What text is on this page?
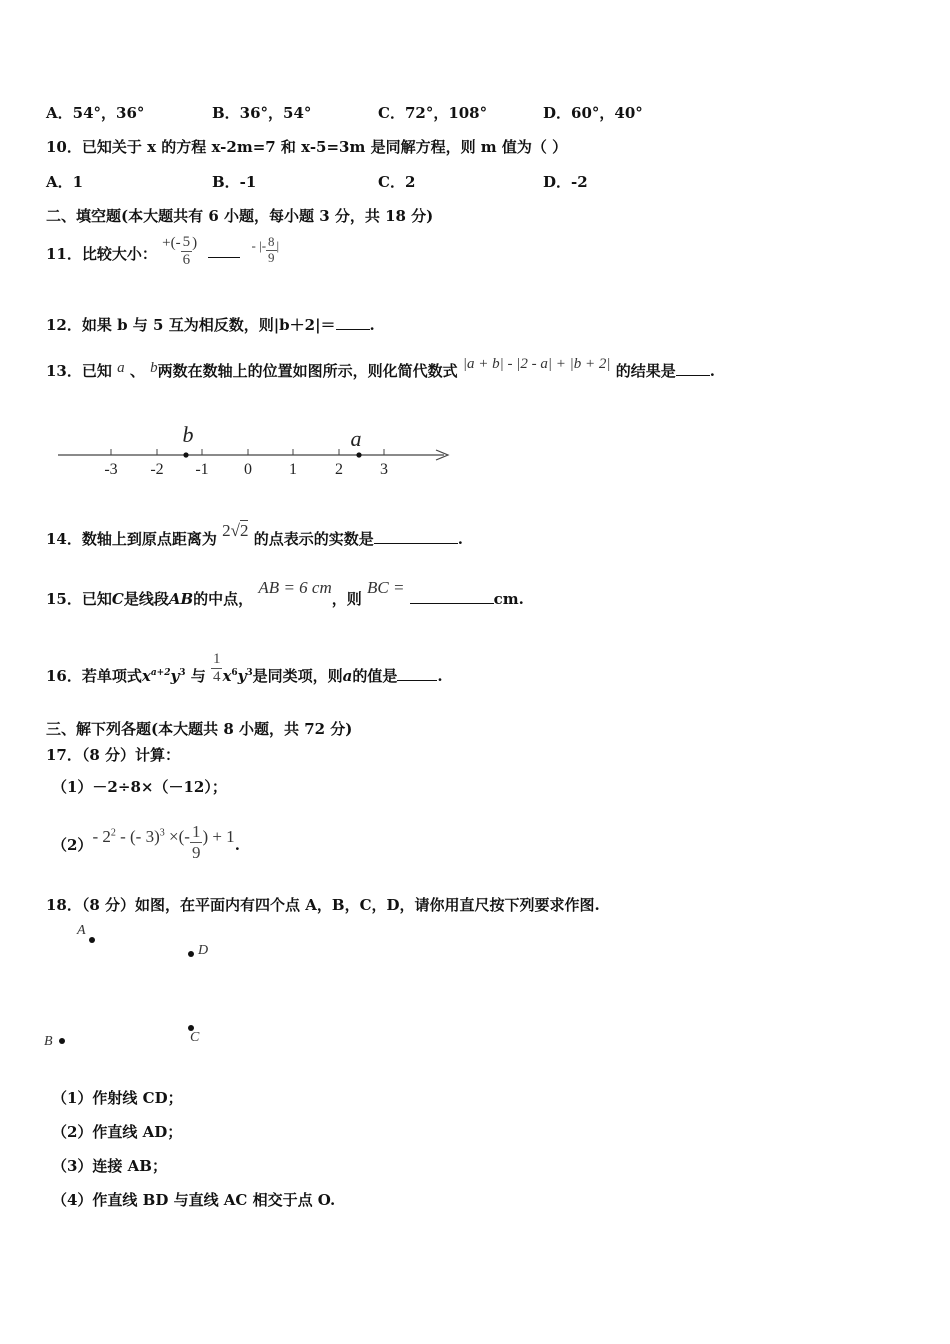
A．54°，36°	B．36°，54°	C．72°，108°	D．60°，40°
10．已知关于 x 的方程 x-2m=7 和 x-5=3m 是同解方程，则 m 值为（ ）
A．1	B．-1	C．2	D．-2
二、填空题(本大题共有 6 小题，每小题 3 分，共 18 分)
11．比较大小： +(- $\frac{5}{6}$ )	- |- $\frac{8}{9}$ |
12．如果 b 与 5 互为相反数，则|b＋2|＝ .
13．已知 a 、 b两数在数轴上的位置如图所示，则化简代数式 |a + b| - |2 - a| + |b + 2| 的结果是 .
-3 -2 -1 0 1 2 3
b	a
14．数轴上到原点距离为 2√2 的点表示的实数是	.
15．已知C是线段AB的中点， AB = 6 cm，则 BC = cm.
16．若单项式$x^{a+2}y^3$ 与 $\frac{1}{4} x^6y^3$是同类项，则a的值是	.
三、解下列各题(本大题共 8 小题，共 72 分)
17．（8 分）计算：
（1）－2÷8×（－12）；
（2）- $2^2$ - (- 3)$^3$ ×(- $\frac{1}{9}$ ) + 1.
18．（8 分）如图，在平面内有四个点 A，B，C，D，请你用直尺按下列要求作图.
A
D
B	C
（1）作射线 CD；
（2）作直线 AD；
（3）连接 AB；
（4）作直线 BD 与直线 AC 相交于点 O.
